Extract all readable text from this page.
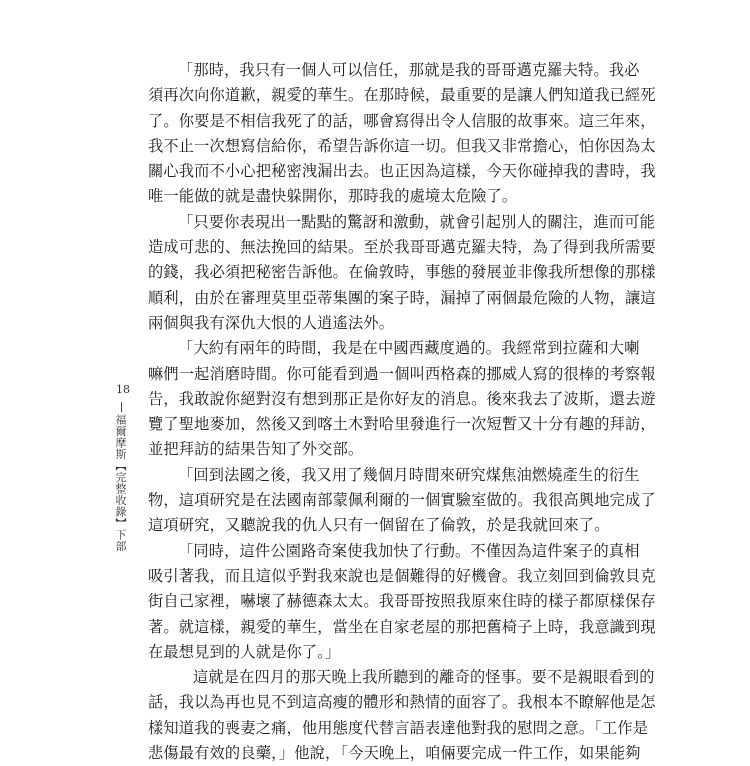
18
福爾摩斯【完整收錄】下部
「那時，我只有一個人可以信任，那就是我的哥哥邁克羅夫特。我必
須再次向你道歉，親愛的華生。在那時候，最重要的是讓人們知道我已經死
了。你要是不相信我死了的話，哪會寫得出令人信服的故事來。這三年來，
我不止一次想寫信給你，希望告訴你這一切。但我又非常擔心，怕你因為太
關心我而不小心把秘密洩漏出去。也正因為這樣，今天你碰掉我的書時，我
唯一能做的就是盡快躲開你，那時我的處境太危險了。
「只要你表現出一點點的驚訝和激動，就會引起別人的關注，進而可能
造成可悲的、無法挽回的結果。至於我哥哥邁克羅夫特，為了得到我所需要
的錢，我必須把秘密告訴他。在倫敦時，事態的發展並非像我所想像的那樣
順利，由於在審理莫里亞蒂集團的案子時，漏掉了兩個最危險的人物，讓這
兩個與我有深仇大恨的人逍遙法外。
「大約有兩年的時間，我是在中國西藏度過的。我經常到拉薩和大喇
嘛們一起消磨時間。你可能看到過一個叫西格森的挪威人寫的很棒的考察報
告，我敢說你絕對沒有想到那正是你好友的消息。後來我去了波斯，還去遊
覽了聖地麥加，然後又到喀土木對哈里發進行一次短暫又十分有趣的拜訪，
並把拜訪的結果告知了外交部。
「回到法國之後，我又用了幾個月時間來研究煤焦油燃燒產生的衍生
物，這項研究是在法國南部蒙佩利爾的一個實驗室做的。我很高興地完成了
這項研究，又聽說我的仇人只有一個留在了倫敦，於是我就回來了。
「同時，這件公園路奇案使我加快了行動。不僅因為這件案子的真相
吸引著我，而且這似乎對我來說也是個難得的好機會。我立刻回到倫敦貝克
街自己家裡，嚇壞了赫德森太太。我哥哥按照我原來住時的樣子都原樣保存
著。就這樣，親愛的華生，當坐在自家老屋的那把舊椅子上時，我意識到現
在最想見到的人就是你了。」
這就是在四月的那天晚上我所聽到的離奇的怪事。要不是親眼看到的
話，我以為再也見不到這高瘦的體形和熱情的面容了。我根本不瞭解他是怎
樣知道我的喪妻之痛，他用態度代替言語表達他對我的慰問之意。「工作是
悲傷最有效的良藥，」他說，「今天晚上，咱倆要完成一件工作，如果能夠
